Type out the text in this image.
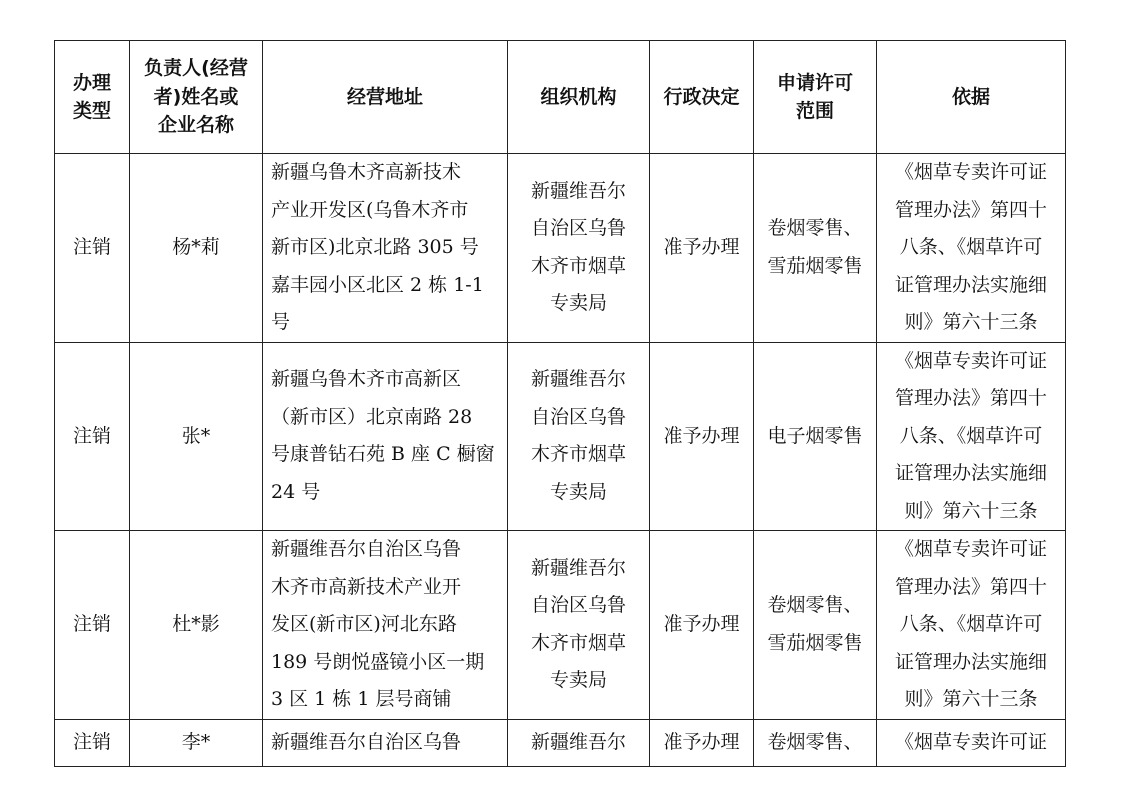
办理
类型	负责人(经营
者)姓名或
企业名称	经营地址	组织机构	行政决定	申请许可
范围	依据

注销	杨*莉	新疆乌鲁木齐高新技术
产业开发区(乌鲁木齐市
新市区)北京北路 305 号
嘉丰园小区北区 2 栋 1-1
号	新疆维吾尔
自治区乌鲁
木齐市烟草
专卖局	准予办理	卷烟零售、
雪茄烟零售	《烟草专卖许可证
管理办法》第四十
八条、《烟草许可
证管理办法实施细
则》第六十三条

注销	张*	新疆乌鲁木齐市高新区
（新市区）北京南路 28
号康普钻石苑 B 座 C 橱窗
24 号	新疆维吾尔
自治区乌鲁
木齐市烟草
专卖局	准予办理	电子烟零售	《烟草专卖许可证
管理办法》第四十
八条、《烟草许可
证管理办法实施细
则》第六十三条

注销	杜*影	新疆维吾尔自治区乌鲁
木齐市高新技术产业开
发区(新市区)河北东路
189 号朗悦盛镜小区一期
3 区 1 栋 1 层号商铺	新疆维吾尔
自治区乌鲁
木齐市烟草
专卖局	准予办理	卷烟零售、
雪茄烟零售	《烟草专卖许可证
管理办法》第四十
八条、《烟草许可
证管理办法实施细
则》第六十三条

注销	李*	新疆维吾尔自治区乌鲁	新疆维吾尔	准予办理	卷烟零售、	《烟草专卖许可证
